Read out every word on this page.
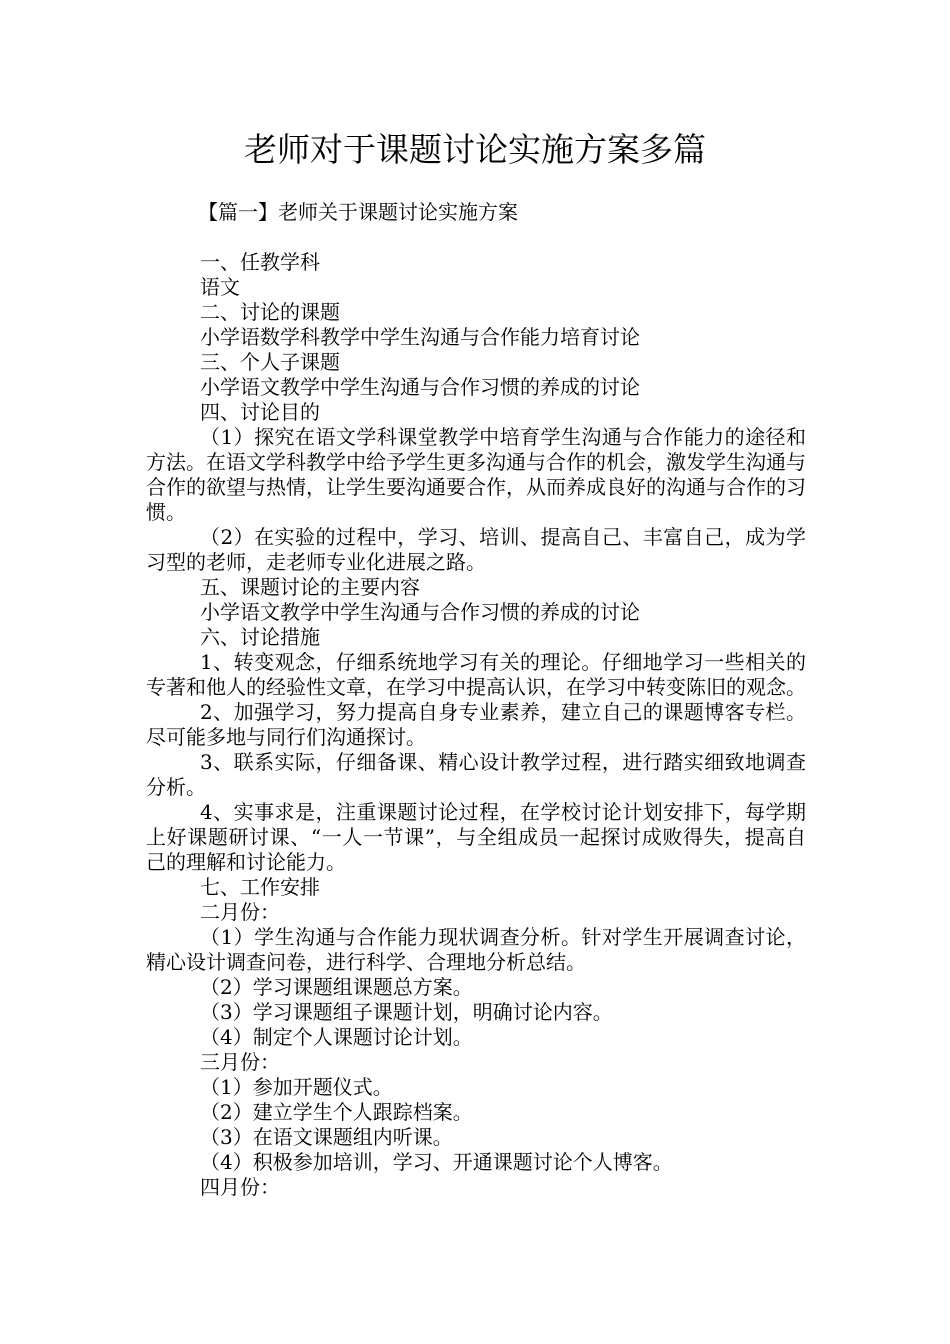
老师对于课题讨论实施方案多篇
【篇一】老师关于课题讨论实施方案

一、任教学科

语文

二、讨论的课题

小学语数学科教学中学生沟通与合作能力培育讨论

三、个人子课题

小学语文教学中学生沟通与合作习惯的养成的讨论

四、讨论目的

（1）探究在语文学科课堂教学中培育学生沟通与合作能力的途径和方法。在语文学科教学中给予学生更多沟通与合作的机会，激发学生沟通与合作的欲望与热情，让学生要沟通要合作，从而养成良好的沟通与合作的习惯。

（2）在实验的过程中，学习、培训、提高自己、丰富自己，成为学习型的老师，走老师专业化进展之路。

五、课题讨论的主要内容

小学语文教学中学生沟通与合作习惯的养成的讨论

六、讨论措施

1、转变观念，仔细系统地学习有关的理论。仔细地学习一些相关的专著和他人的经验性文章，在学习中提高认识，在学习中转变陈旧的观念。

2、加强学习，努力提高自身专业素养，建立自己的课题博客专栏。尽可能多地与同行们沟通探讨。

3、联系实际，仔细备课、精心设计教学过程，进行踏实细致地调查分析。

4、实事求是，注重课题讨论过程，在学校讨论计划安排下，每学期上好课题研讨课、“一人一节课”，与全组成员一起探讨成败得失，提高自己的理解和讨论能力。

七、工作安排

二月份：

（1）学生沟通与合作能力现状调查分析。针对学生开展调查讨论，精心设计调查问卷，进行科学、合理地分析总结。

（2）学习课题组课题总方案。

（3）学习课题组子课题计划，明确讨论内容。

（4）制定个人课题讨论计划。

三月份：

（1）参加开题仪式。

（2）建立学生个人跟踪档案。

（3）在语文课题组内听课。

（4）积极参加培训，学习、开通课题讨论个人博客。

四月份：
